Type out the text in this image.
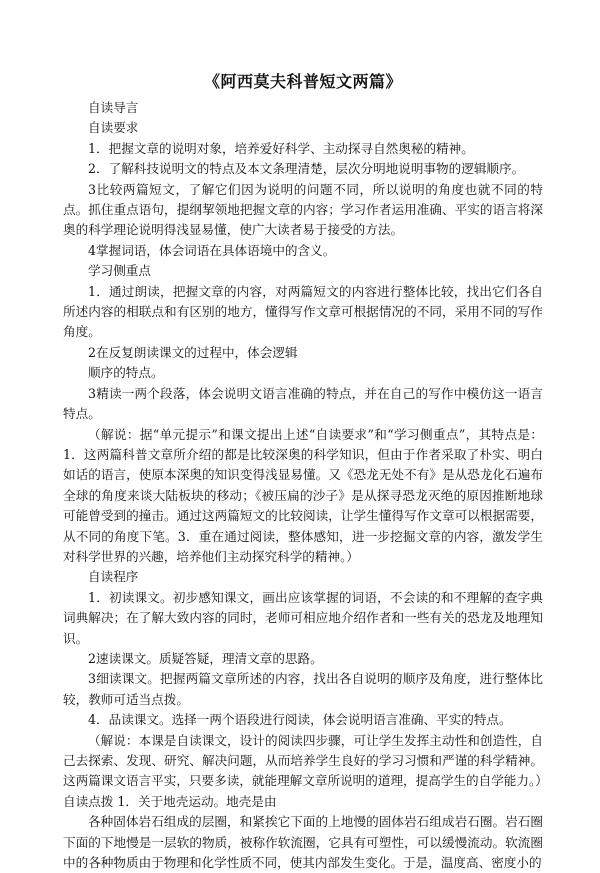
《阿西莫夫科普短文两篇》

自读导言

自读要求

1．把握文章的说明对象，培养爱好科学、主动探寻自然奥秘的精神。

2．了解科技说明文的特点及本文条理清楚，层次分明地说明事物的逻辑顺序。

3比较两篇短文，了解它们因为说明的问题不同，所以说明的角度也就不同的特点。抓住重点语句，提纲挈领地把握文章的内容；学习作者运用准确、平实的语言将深奥的科学理论说明得浅显易懂，使广大读者易于接受的方法。

4掌握词语，体会词语在具体语境中的含义。

学习侧重点

1．通过朗读，把握文章的内容，对两篇短文的内容进行整体比较，找出它们各自所述内容的相联点和有区别的地方，懂得写作文章可根据情况的不同，采用不同的写作角度。

2在反复朗读课文的过程中，体会逻辑

顺序的特点。

3精读一两个段落，体会说明文语言准确的特点，并在自己的写作中模仿这一语言特点。

（解说：据“单元提示”和课文提出上述“自读要求”和“学习侧重点”，其特点是：1．这两篇科普文章所介绍的都是比较深奥的科学知识，但由于作者采取了朴实、明白如话的语言，使原本深奥的知识变得浅显易懂。又《恐龙无处不有》是从恐龙化石遍布全球的角度来谈大陆板块的移动；《被压扁的沙子》是从探寻恐龙灭绝的原因推断地球可能曾受到的撞击。通过这两篇短文的比较阅读，让学生懂得写作文章可以根据需要，从不同的角度下笔。3．重在通过阅读，整体感知，进一步挖掘文章的内容，激发学生对科学世界的兴趣，培养他们主动探究科学的精神。）

自读程序

1．初读课文。初步感知课文，画出应该掌握的词语，不会读的和不理解的查字典词典解决；在了解大致内容的同时，老师可相应地介绍作者和一些有关的恐龙及地理知识。

2速读课文。质疑答疑，理清文章的思路。

3细读课文。把握两篇文章所述的内容，找出各自说明的顺序及角度，进行整体比较，教师可适当点拨。

4．品读课文。选择一两个语段进行阅读，体会说明语言准确、平实的特点。

（解说：本课是自读课文，设计的阅读四步骤，可让学生发挥主动性和创造性，自己去探索、发现、研究、解决问题，从而培养学生良好的学习习惯和严谨的科学精神。这两篇课文语言平实，只要多读，就能理解文章所说明的道理，提高学生的自学能力。）

自读点拨 1．关于地壳运动。地壳是由

各种固体岩石组成的层圈，和紧挨它下面的上地慢的固体岩石组成岩石圈。岩石圈下面的下地慢是一层软的物质，被称作软流圈，它具有可塑性，可以缓慢流动。软流圈中的各种物质由于物理和化学性质不同，使其内部发生变化。于是，温度高、密度小的
